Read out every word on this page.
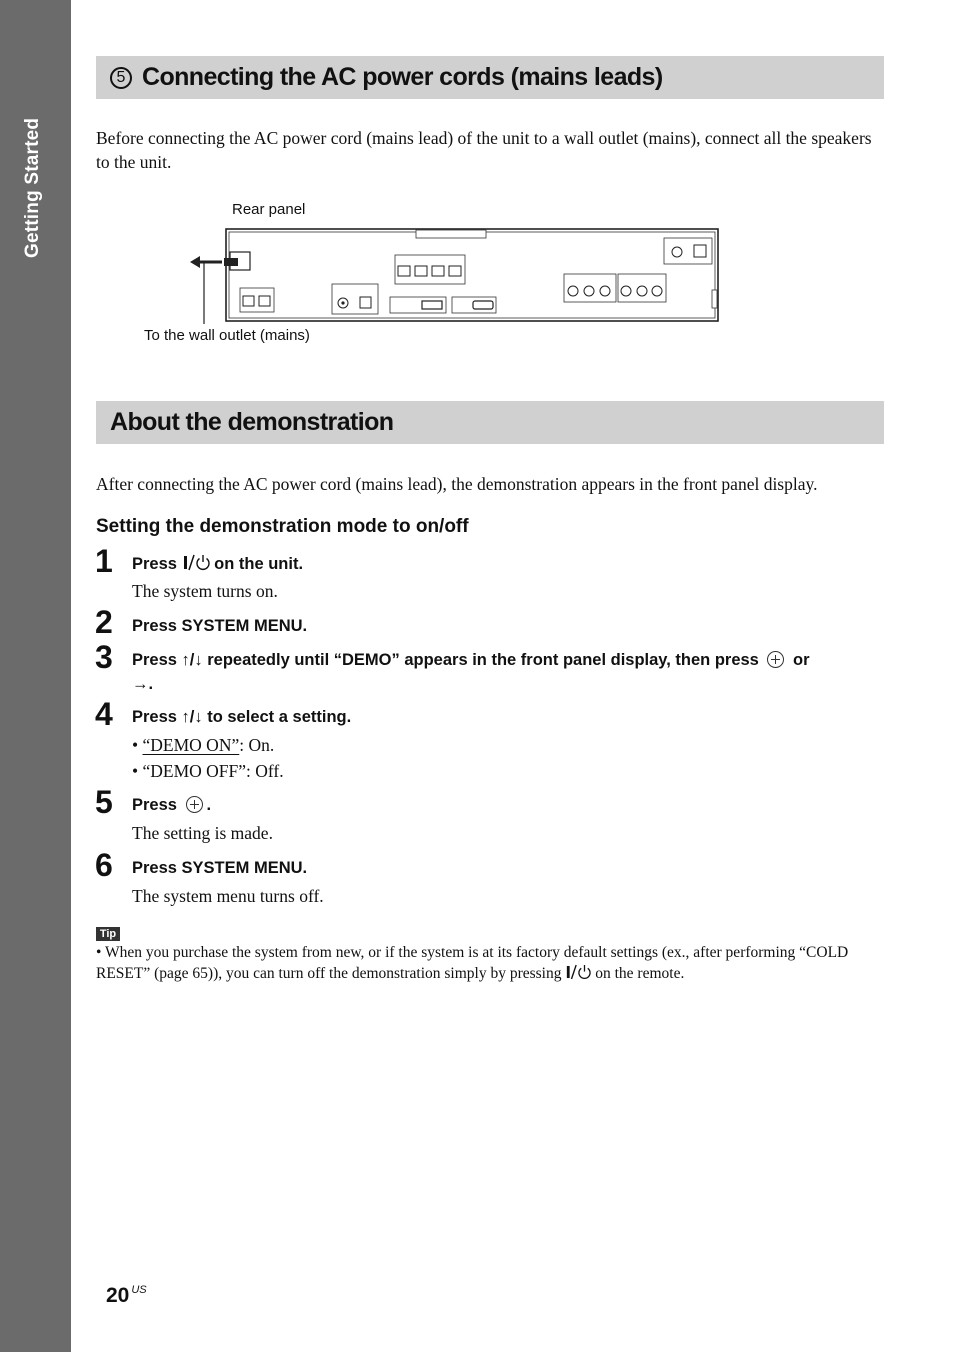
Getting Started
5 Connecting the AC power cords (mains leads)
Before connecting the AC power cord (mains lead) of the unit to a wall outlet (mains), connect all the speakers to the unit.
Rear panel
To the wall outlet (mains)
About the demonstration
After connecting the AC power cord (mains lead), the demonstration appears in the front panel display.
Setting the demonstration mode to on/off
1 Press  on the unit.
The system turns on.
2 Press SYSTEM MENU.
3 Press ↑/↓ repeatedly until “DEMO” appears in the front panel display, then press  or
→.
4 Press ↑/↓ to select a setting.
• “DEMO ON”: On.
• “DEMO OFF”: Off.
5 Press .
The setting is made.
6 Press SYSTEM MENU.
The system menu turns off.
Tip
• When you purchase the system from new, or if the system is at its factory default settings (ex., after performing “COLD RESET” (page 65)), you can turn off the demonstration simply by pressing  on the remote.
20 $^{US}$
